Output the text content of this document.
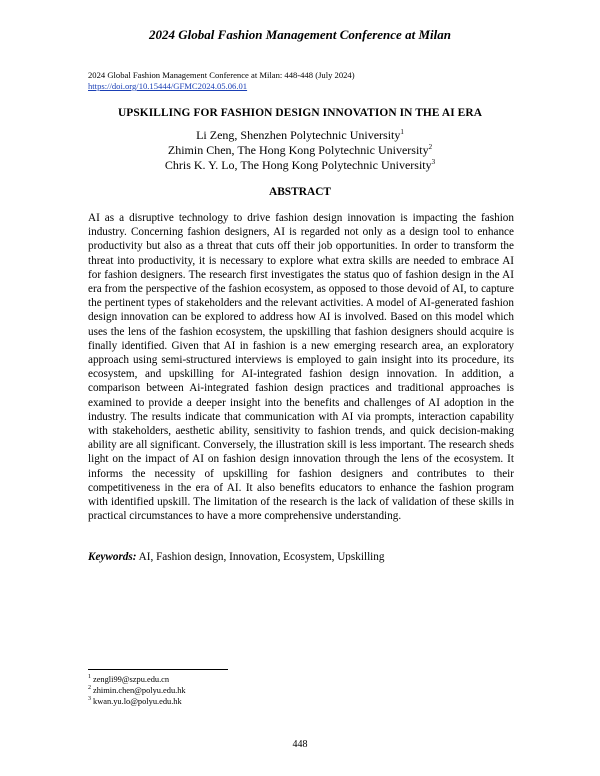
2024 Global Fashion Management Conference at Milan
2024 Global Fashion Management Conference at Milan: 448-448 (July 2024)
https://doi.org/10.15444/GFMC2024.05.06.01
UPSKILLING FOR FASHION DESIGN INNOVATION IN THE AI ERA
Li Zeng, Shenzhen Polytechnic University$^1$
Zhimin Chen, The Hong Kong Polytechnic University$^2$
Chris K. Y. Lo, The Hong Kong Polytechnic University$^3$
ABSTRACT
AI as a disruptive technology to drive fashion design innovation is impacting the fashion industry. Concerning fashion designers, AI is regarded not only as a design tool to enhance productivity but also as a threat that cuts off their job opportunities. In order to transform the threat into productivity, it is necessary to explore what extra skills are needed to embrace AI for fashion designers. The research first investigates the status quo of fashion design in the AI era from the perspective of the fashion ecosystem, as opposed to those devoid of AI, to capture the pertinent types of stakeholders and the relevant activities. A model of AI-generated fashion design innovation can be explored to address how AI is involved. Based on this model which uses the lens of the fashion ecosystem, the upskilling that fashion designers should acquire is finally identified. Given that AI in fashion is a new emerging research area, an exploratory approach using semi-structured interviews is employed to gain insight into its procedure, its ecosystem, and upskilling for AI-integrated fashion design innovation. In addition, a comparison between Ai-integrated fashion design practices and traditional approaches is examined to provide a deeper insight into the benefits and challenges of AI adoption in the industry. The results indicate that communication with AI via prompts, interaction capability with stakeholders, aesthetic ability, sensitivity to fashion trends, and quick decision-making ability are all significant. Conversely, the illustration skill is less important. The research sheds light on the impact of AI on fashion design innovation through the lens of the ecosystem. It informs the necessity of upskilling for fashion designers and contributes to their competitiveness in the era of AI. It also benefits educators to enhance the fashion program with identified upskill. The limitation of the research is the lack of validation of these skills in practical circumstances to have a more comprehensive understanding.
Keywords: AI, Fashion design, Innovation, Ecosystem, Upskilling
$^1$ zengli99@szpu.edu.cn
$^2$ zhimin.chen@polyu.edu.hk
$^3$ kwan.yu.lo@polyu.edu.hk
448
